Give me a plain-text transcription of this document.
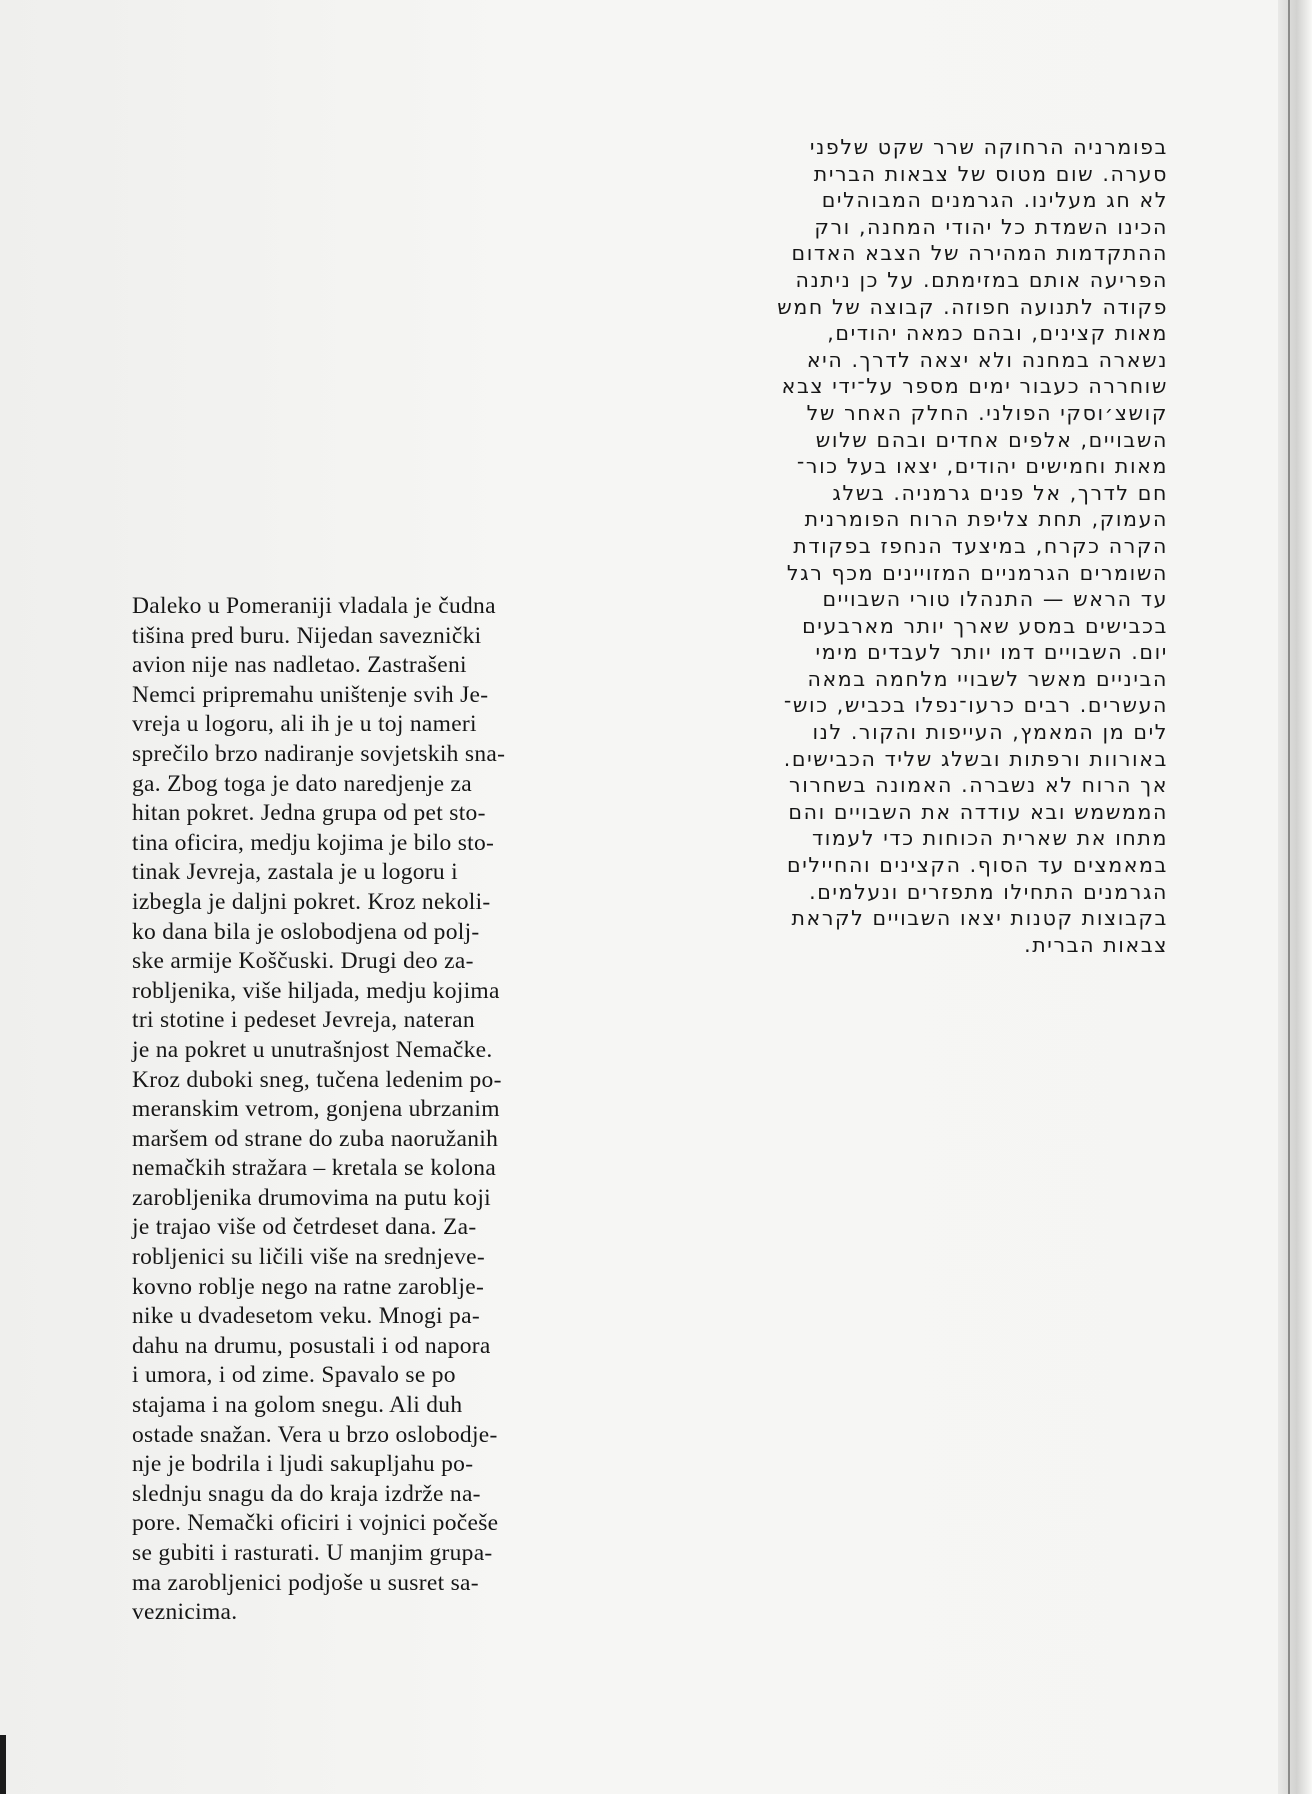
בפומרניה הרחוקה שרר שקט שלפני
סערה. שום מטוס של צבאות הברית
לא חג מעלינו. הגרמנים המבוהלים
הכינו השמדת כל יהודי המחנה, ורק
ההתקדמות המהירה של הצבא האדום
הפריעה אותם במזימתם. על כן ניתנה
פקודה לתנועה חפוזה. קבוצה של חמש
מאות קצינים, ובהם כמאה יהודים,
נשארה במחנה ולא יצאה לדרך. היא
שוחררה כעבור ימים מספר על־ידי צבא
קושצ׳וסקי הפולני. החלק האחר של
השבויים, אלפים אחדים ובהם שלוש
מאות וחמישים יהודים, יצאו בעל כור־
חם לדרך, אל פנים גרמניה. בשלג
העמוק, תחת צליפת הרוח הפומרנית
הקרה כקרח, במיצעד הנחפז בפקודת
השומרים הגרמניים המזויינים מכף רגל
עד הראש — התנהלו טורי השבויים
בכבישים במסע שארך יותר מארבעים
יום. השבויים דמו יותר לעבדים מימי
הביניים מאשר לשבויי מלחמה במאה
העשרים. רבים כרעו־נפלו בכביש, כוש־
לים מן המאמץ, העייפות והקור. לנו
באורוות ורפתות ובשלג שליד הכבישים.
אך הרוח לא נשברה. האמונה בשחרור
הממשמש ובא עודדה את השבויים והם
מתחו את שארית הכוחות כדי לעמוד
במאמצים עד הסוף. הקצינים והחיילים
הגרמנים התחילו מתפזרים ונעלמים.
בקבוצות קטנות יצאו השבויים לקראת
צבאות הברית.

Daleko u Pomeraniji vladala je čudna
tišina pred buru. Nijedan saveznički
avion nije nas nadletao. Zastrašeni
Nemci pripremahu uništenje svih Je-
vreja u logoru, ali ih je u toj nameri
sprečilo brzo nadiranje sovjetskih sna-
ga. Zbog toga je dato naredjenje za
hitan pokret. Jedna grupa od pet sto-
tina oficira, medju kojima je bilo sto-
tinak Jevreja, zastala je u logoru i
izbegla je daljni pokret. Kroz nekoli-
ko dana bila je oslobodjena od polj-
ske armije Koščuski. Drugi deo za-
robljenika, više hiljada, medju kojima
tri stotine i pedeset Jevreja, nateran
je na pokret u unutrašnjost Nemačke.
Kroz duboki sneg, tučena ledenim po-
meranskim vetrom, gonjena ubrzanim
maršem od strane do zuba naoružanih
nemačkih stražara – kretala se kolona
zarobljenika drumovima na putu koji
je trajao više od četrdeset dana. Za-
robljenici su ličili više na srednjeve-
kovno roblje nego na ratne zarobljе-
nike u dvadesetom veku. Mnogi pa-
dahu na drumu, posustali i od napora
i umora, i od zime. Spavalo se po
stajama i na golom snegu. Ali duh
ostade snažan. Vera u brzo oslobodje-
nje je bodrila i ljudi sakupljahu po-
slednju snagu da do kraja izdrže na-
pore. Nemački oficiri i vojnici počeše
se gubiti i rasturati. U manjim grupa-
ma zarobljenici podjoše u susret sa-
veznicima.
